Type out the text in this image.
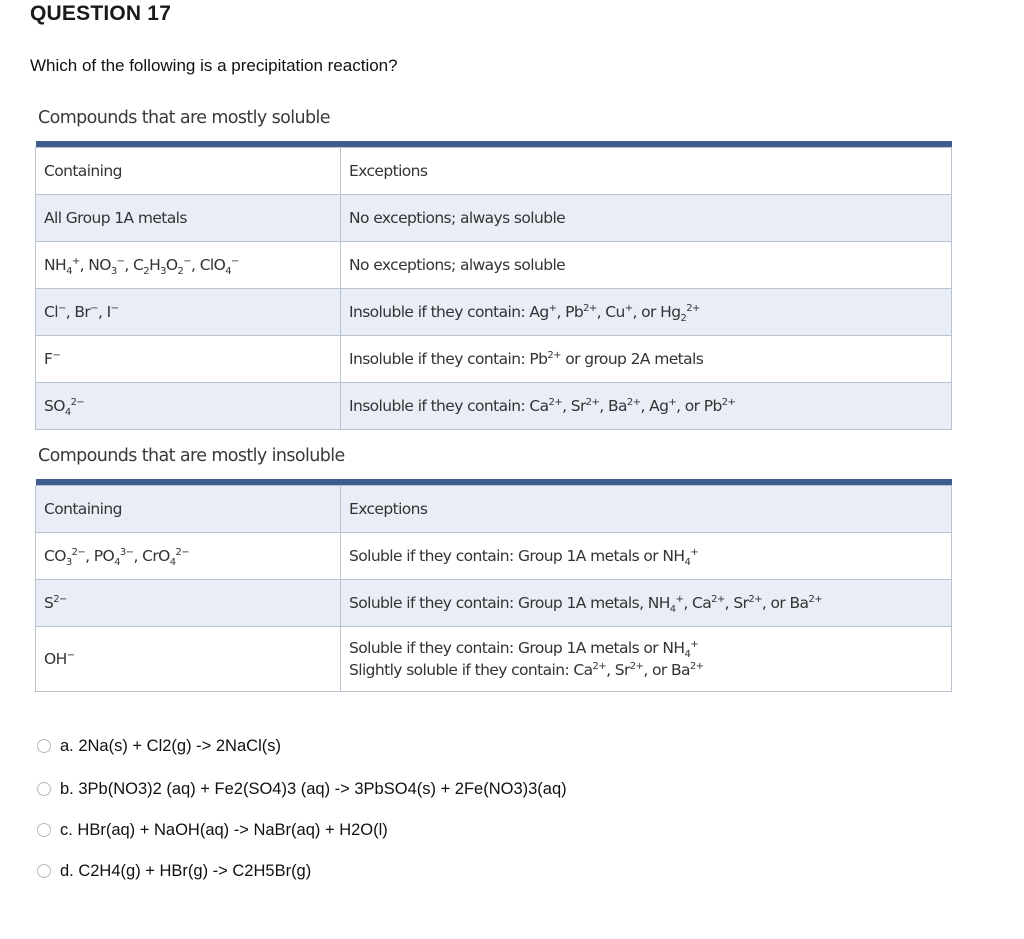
QUESTION 17
Which of the following is a precipitation reaction?
Compounds that are mostly soluble

Containing	Exceptions
All Group 1A metals	No exceptions; always soluble
$NH_4^+$, $NO_3^-$, $C_2H_3O_2^-$, ClO$_4$−	No exceptions; always soluble
Cl−, Br−, I−	Insoluble if they contain: Ag+, $Pb^{2+}$, Cu+, or $Hg_2^{2+}$
F−	Insoluble if they contain: $Pb^{2+}$ or group 2A metals
$SO_4^{2-}$	Insoluble if they contain: $Ca^{2+}$, $Sr^{2+}$, $Ba^{2+}$, Ag+, or $Pb^{2+}$
Compounds that are mostly insoluble

Containing	Exceptions
$CO_3^{2-}$, $PO_4^{3-}$, CrO$_4^{2-}$	Soluble if they contain: Group 1A metals or $NH_4^+$
$S^{2-}$	Soluble if they contain: Group 1A metals, $NH_4^+$, $Ca^{2+}$, $Sr^{2+}$, or $Ba^{2+}$
OH−	Soluble if they contain: Group 1A metals or $NH_4^+$
Slightly soluble if they contain: $Ca^{2+}$, $Sr^{2+}$, or $Ba^{2+}$
a. 2Na(s) + Cl2(g) -> 2NaCl(s)
b. 3Pb(NO3)2 (aq) + Fe2(SO4)3 (aq) -> 3PbSO4(s) + 2Fe(NO3)3(aq)
c. HBr(aq) + NaOH(aq) -> NaBr(aq) + H2O(l)
d. C2H4(g) + HBr(g) -> C2H5Br(g)
